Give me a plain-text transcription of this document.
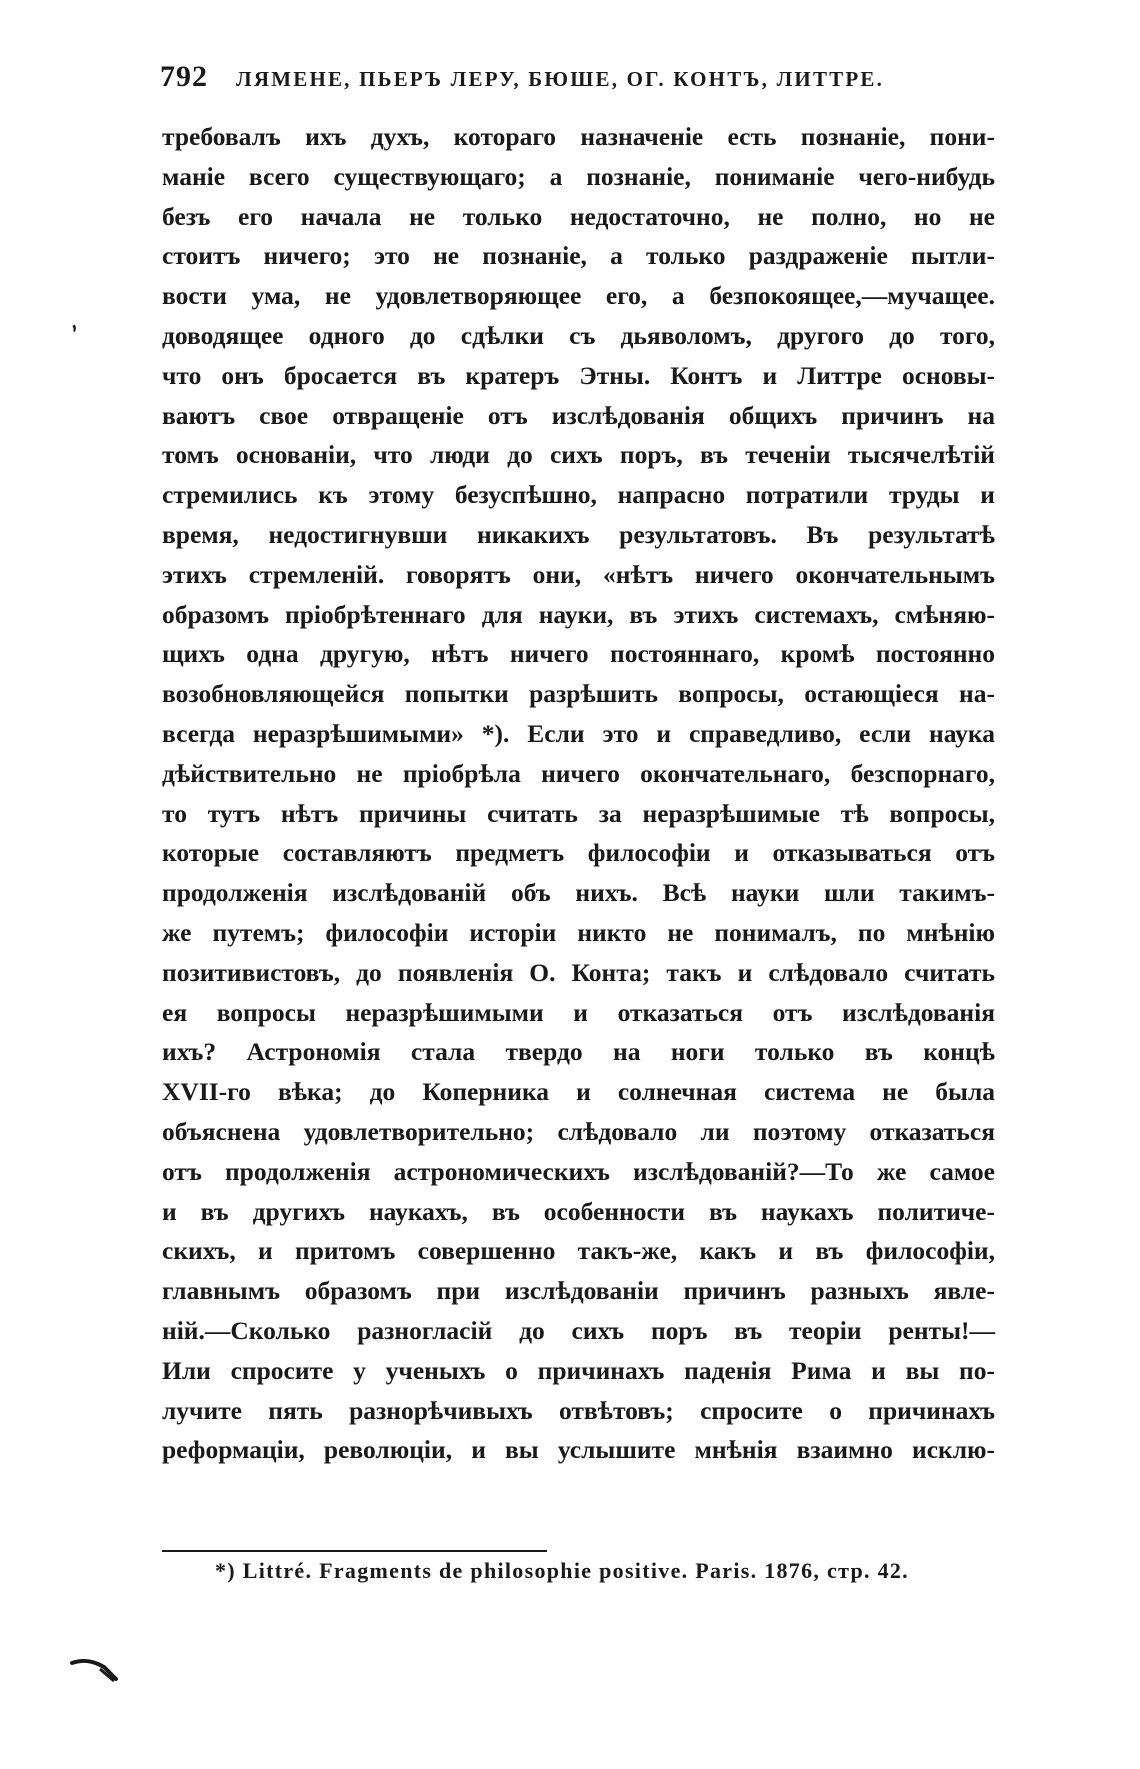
792 ЛЯМЕНЕ, ПЬЕРЪ ЛЕРУ, БЮШЕ, ОГ. КОНТЪ, ЛИТТРЕ.
,
требовалъ ихъ духъ, котораго назначеніе есть познаніе, пони-
маніе всего существующаго; а познаніе, пониманіе чего-нибудь
безъ его начала не только недостаточно, не полно, но не
стоитъ ничего; это не познаніе, а только раздраженіе пытли-
вости ума, не удовлетворяющее его, а безпокоящее,—мучащее.
доводящее одного до сдѣлки съ дьяволомъ, другого до того,
что онъ бросается въ кратеръ Этны. Контъ и Литтре основы-
ваютъ свое отвращеніе отъ изслѣдованія общихъ причинъ на
томъ основаніи, что люди до сихъ поръ, въ теченіи тысячелѣтій
стремились къ этому безуспѣшно, напрасно потратили труды и
время, недостигнувши никакихъ результатовъ. Въ результатѣ
этихъ стремленій. говорятъ они, «нѣтъ ничего окончательнымъ
образомъ пріобрѣтеннаго для науки, въ этихъ системахъ, смѣняю-
щихъ одна другую, нѣтъ ничего постояннаго, кромѣ постоянно
возобновляющейся попытки разрѣшить вопросы, остающіеся на-
всегда неразрѣшимыми» *). Если это и справедливо, если наука
дѣйствительно не пріобрѣла ничего окончательнаго, безспорнаго,
то тутъ нѣтъ причины считать за неразрѣшимые тѣ вопросы,
которые составляютъ предметъ философіи и отказываться отъ
продолженія изслѣдованій объ нихъ. Всѣ науки шли такимъ-
же путемъ; философіи исторіи никто не понималъ, по мнѣнію
позитивистовъ, до появленія О. Конта; такъ и слѣдовало считать
ея вопросы неразрѣшимыми и отказаться отъ изслѣдованія
ихъ? Астрономія стала твердо на ноги только въ концѣ
XVII-го вѣка; до Коперника и солнечная система не была
объяснена удовлетворительно; слѣдовало ли поэтому отказаться
отъ продолженія астрономическихъ изслѣдованій?—То же самое
и въ другихъ наукахъ, въ особенности въ наукахъ политиче-
скихъ, и притомъ совершенно такъ-же, какъ и въ философіи,
главнымъ образомъ при изслѣдованіи причинъ разныхъ явле-
ній.—Сколько разногласій до сихъ поръ въ теоріи ренты!—
Или спросите у ученыхъ о причинахъ паденія Рима и вы по-
лучите пять разнорѣчивыхъ отвѣтовъ; спросите о причинахъ
реформаціи, революціи, и вы услышите мнѣнія взаимно исклю-
*) Littré. Fragments de philosophie positive. Paris. 1876, стр. 42.
